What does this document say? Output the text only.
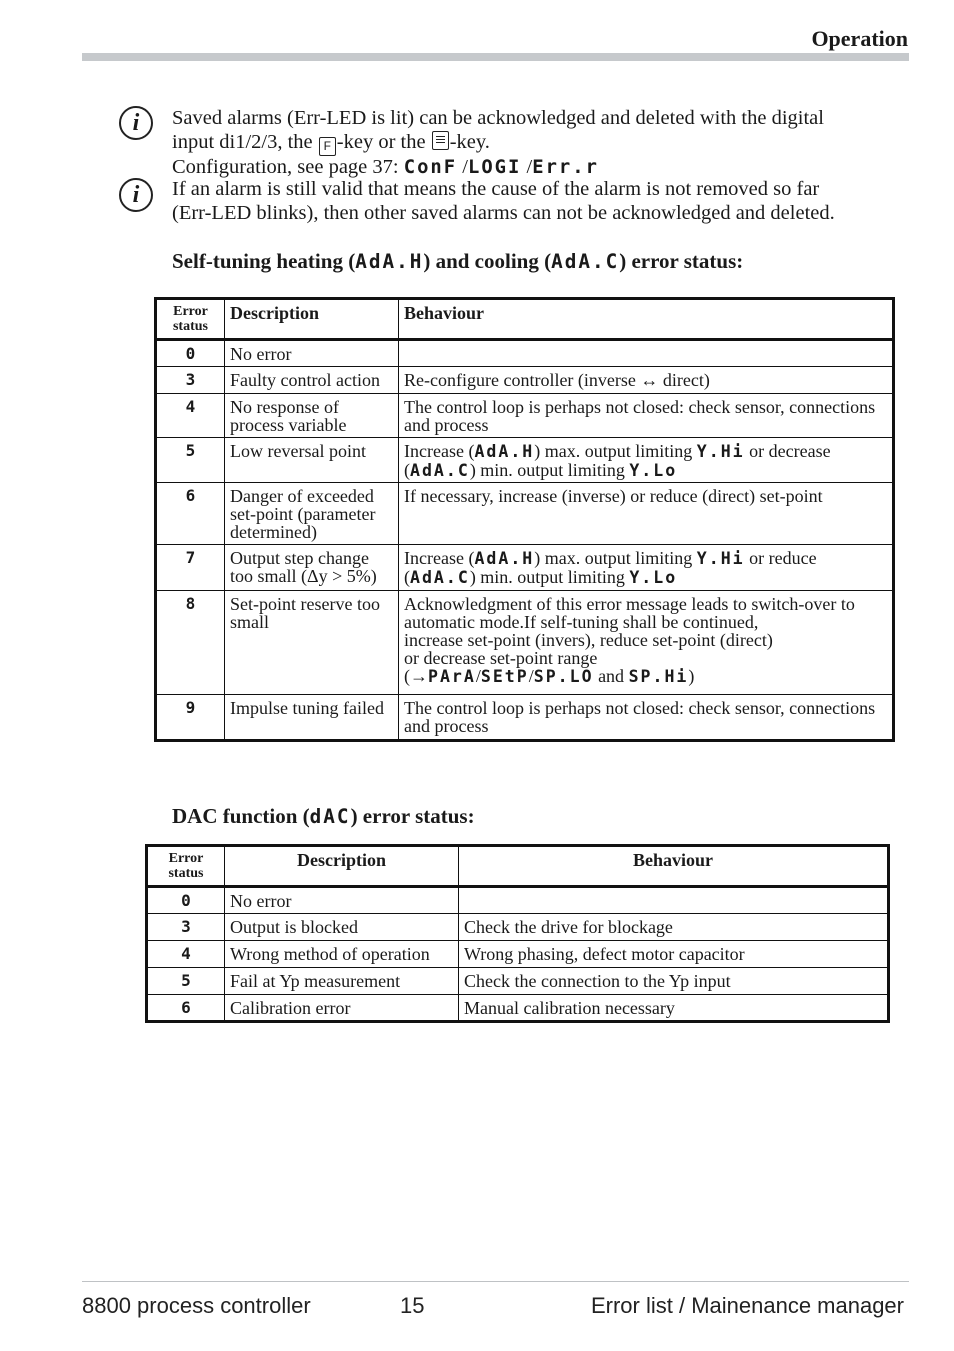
Operation
i	Saved alarms (Err-LED is lit) can be acknowledged and deleted with the digital
input di1/2/3, the F -key or the -key.
Configuration, see page 37: ConF /LOGI /Err.r
i	If an alarm is still valid that means the cause of the alarm is not removed so far
(Err-LED blinks), then other saved alarms can not be acknowledged and deleted.
Self-tuning heating (AdA.H) and cooling (AdA.C) error status:
Error
status	Description	Behaviour
0	No error	
3	Faulty control action	Re-configure controller (inverse ↔ direct)
4	No response of process variable	The control loop is perhaps not closed: check sensor, connections and process
5	Low reversal point	Increase (AdA.H) max. output limiting Y.Hi or decrease
(AdA.C) min. output limiting Y.Lo

6	Danger of exceeded set-point (parameter determined)	If necessary, increase (inverse) or reduce (direct) set-point
7	Output step change too small (Δy > 5%)	Increase (AdA.H) max. output limiting Y.Hi or reduce
(AdA.C) min. output limiting Y.Lo

8	Set-point reserve too small	Acknowledgment of this error message leads to switch-over to
automatic mode.If self-tuning shall be continued,
increase set-point (invers), reduce set-point (direct)
or decrease set-point range
(→PArA/SEtP/SP.LO and SP.Hi)

9	Impulse tuning failed	The control loop is perhaps not closed: check sensor, connections and process
DAC function (dAC) error status:
Error
status	Description	Behaviour
0	No error	
3	Output is blocked	Check the drive for blockage
4	Wrong method of operation	Wrong phasing, defect motor capacitor
5	Fail at Yp measurement	Check the connection to the Yp input
6	Calibration error	Manual calibration necessary
8800 process controller	15	Error list / Mainenance manager
